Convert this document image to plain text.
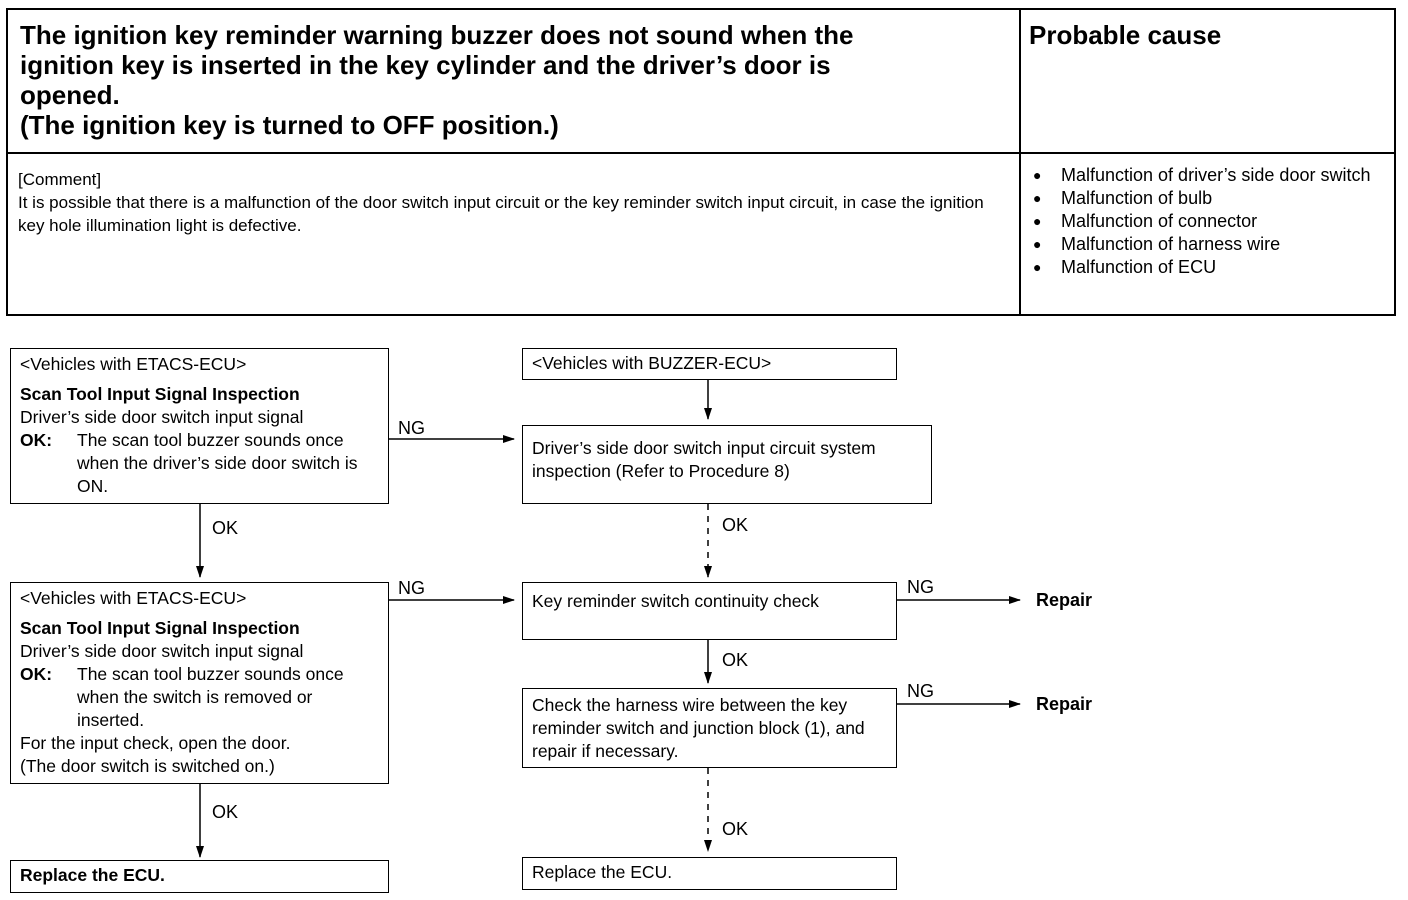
The ignition key reminder warning buzzer does not sound when the
ignition key is inserted in the key cylinder and the driver’s door is
opened.
(The ignition key is turned to OFF position.)
Probable cause
[Comment]
It is possible that there is a malfunction of the door switch input circuit or the key reminder switch input circuit, in case the ignition key hole illumination light is defective.
● Malfunction of driver’s side door switch
● Malfunction of bulb
● Malfunction of connector
● Malfunction of harness wire
● Malfunction of ECU
<Vehicles with ETACS-ECU>
Scan Tool Input Signal Inspection
Driver’s side door switch input signal
OK:	The scan tool buzzer sounds once when the driver’s side door switch is ON.
<Vehicles with ETACS-ECU>
Scan Tool Input Signal Inspection
Driver’s side door switch input signal
OK:	The scan tool buzzer sounds once when the switch is removed or inserted.
For the input check, open the door.
(The door switch is switched on.)
Replace the ECU.
<Vehicles with BUZZER-ECU>
Driver’s side door switch input circuit system inspection (Refer to Procedure 8)
Key reminder switch continuity check
Check the harness wire between the key reminder switch and junction block (1), and repair if necessary.
Replace the ECU.
NG
NG	NG
NG
OK
OK
OK
OK
OK
Repair
Repair
